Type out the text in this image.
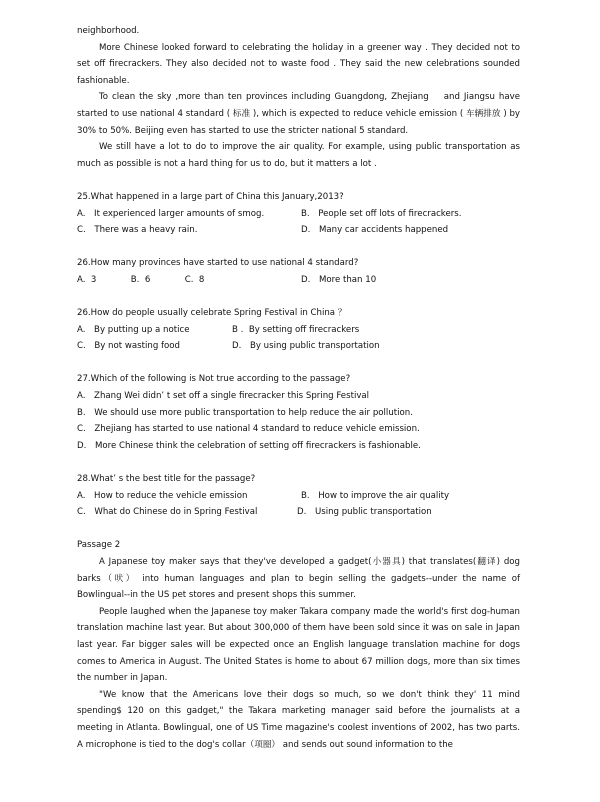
neighborhood.

More Chinese looked forward to celebrating the holiday in a greener way . They decided not to set off firecrackers. They also decided not to waste food . They said the new celebrations sounded fashionable.

To clean the sky ,more than ten provinces including Guangdong, Zhejiang　 and Jiangsu have started to use national 4 standard ( 标准 ), which is expected to reduce vehicle emission ( 车辆排放 ) by 30% to 50%. Beijing even has started to use the stricter national 5 standard.

We still have a lot to do to improve the air quality. For example, using public transportation as much as possible is not a hard thing for us to do, but it matters a lot .

25.What happened in a large part of China this January,2013?

A.　It experienced larger amounts of smog.	B.　People set off lots of firecrackers.
C.　There was a heavy rain.	D.　Many car accidents happened

26.How many provinces have started to use national 4 standard?

A.  3　　　　B.  6　　　　C.  8	D.　More than 10

26.How do people usually celebrate Spring Festival in China ？

A.　By putting up a notice	B .  By setting off firecrackers
C.　By not wasting food	D.　By using public transportation

27.Which of the following is Not true according to the passage?

A.　Zhang Wei didn’ t set off a single firecracker this Spring Festival

B.　We should use more public transportation to help reduce the air pollution.

C.　Zhejiang has started to use national 4 standard to reduce vehicle emission.

D.　More Chinese think the celebration of setting off firecrackers is fashionable.

28.What’ s the best title for the passage?

A.　How to reduce the vehicle emission	B.　How to improve the air quality
C.　What do Chinese do in Spring Festival	D.　Using public transportation

Passage 2

A Japanese toy maker says that they've developed a gadget(小器具) that translates(翻译) dog barks（吠） into human languages and plan to begin selling the gadgets--under the name of Bowlingual--in the US pet stores and present shops this summer.

People laughed when the Japanese toy maker Takara company made the world's first dog-human translation machine last year. But about 300,000 of them have been sold since it was on sale in Japan last year. Far bigger sales will be expected once an English language translation machine for dogs comes to America in August. The United States is home to about 67 million dogs, more than six times the number in Japan.

"We know that the Americans love their dogs so much, so we don't think they' 11 mind spending$ 120 on this gadget," the Takara marketing manager said before the journalists at a meeting in Atlanta. Bowlingual, one of US Time magazine's coolest inventions of 2002, has two parts. A microphone is tied to the dog's collar（项圈） and sends out sound information to the
